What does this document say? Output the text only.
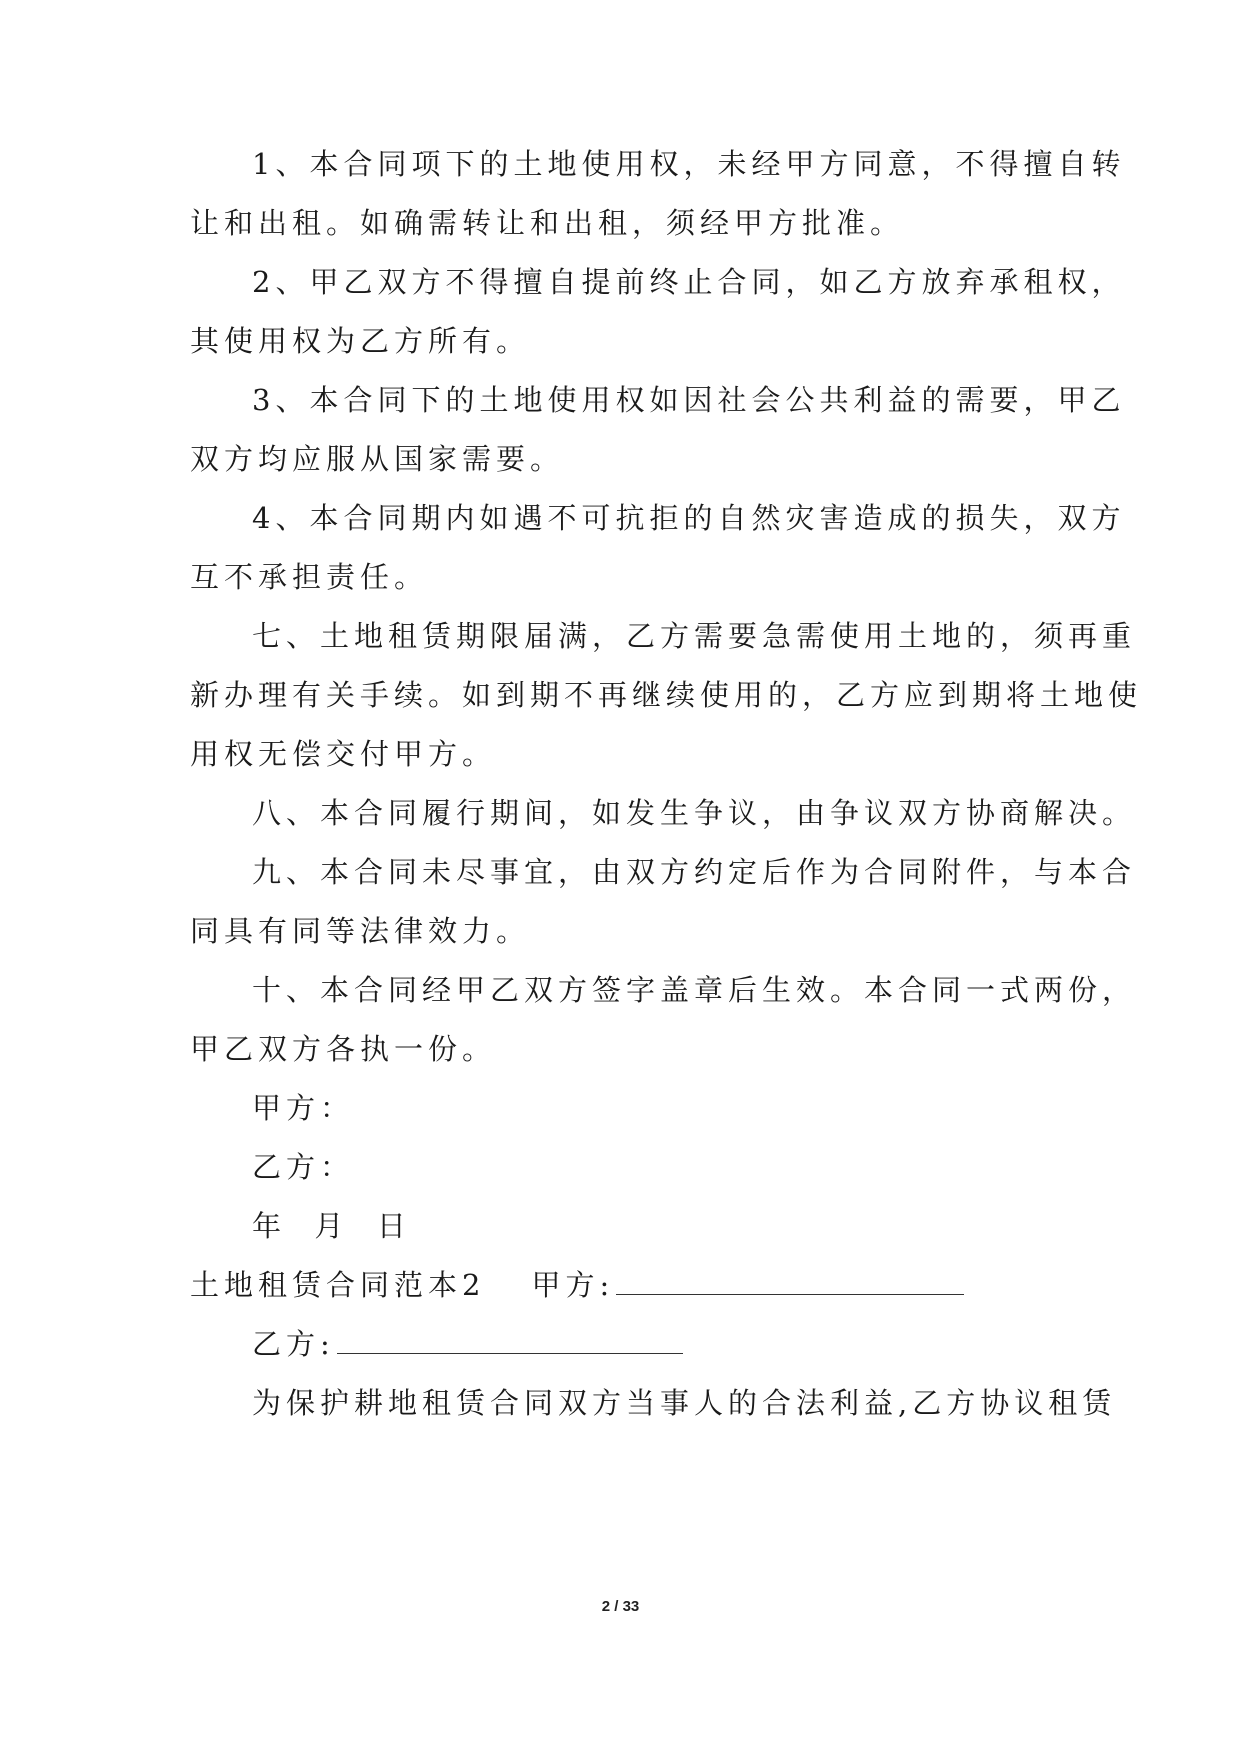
1、本合同项下的土地使用权，未经甲方同意，不得擅自转
让和出租。如确需转让和出租，须经甲方批准。
2、甲乙双方不得擅自提前终止合同，如乙方放弃承租权，
其使用权为乙方所有。
3、本合同下的土地使用权如因社会公共利益的需要，甲乙
双方均应服从国家需要。
4、本合同期内如遇不可抗拒的自然灾害造成的损失，双方
互不承担责任。
七、土地租赁期限届满，乙方需要急需使用土地的，须再重
新办理有关手续。如到期不再继续使用的，乙方应到期将土地使
用权无偿交付甲方。
八、本合同履行期间，如发生争议，由争议双方协商解决。
九、本合同未尽事宜，由双方约定后作为合同附件，与本合
同具有同等法律效力。
十、本合同经甲乙双方签字盖章后生效。本合同一式两份，
甲乙双方各执一份。
甲方：
乙方：
年  月  日
土地租赁合同范本2 甲方:
乙方:
为保护耕地租赁合同双方当事人的合法利益,乙方协议租赁
2 / 33
